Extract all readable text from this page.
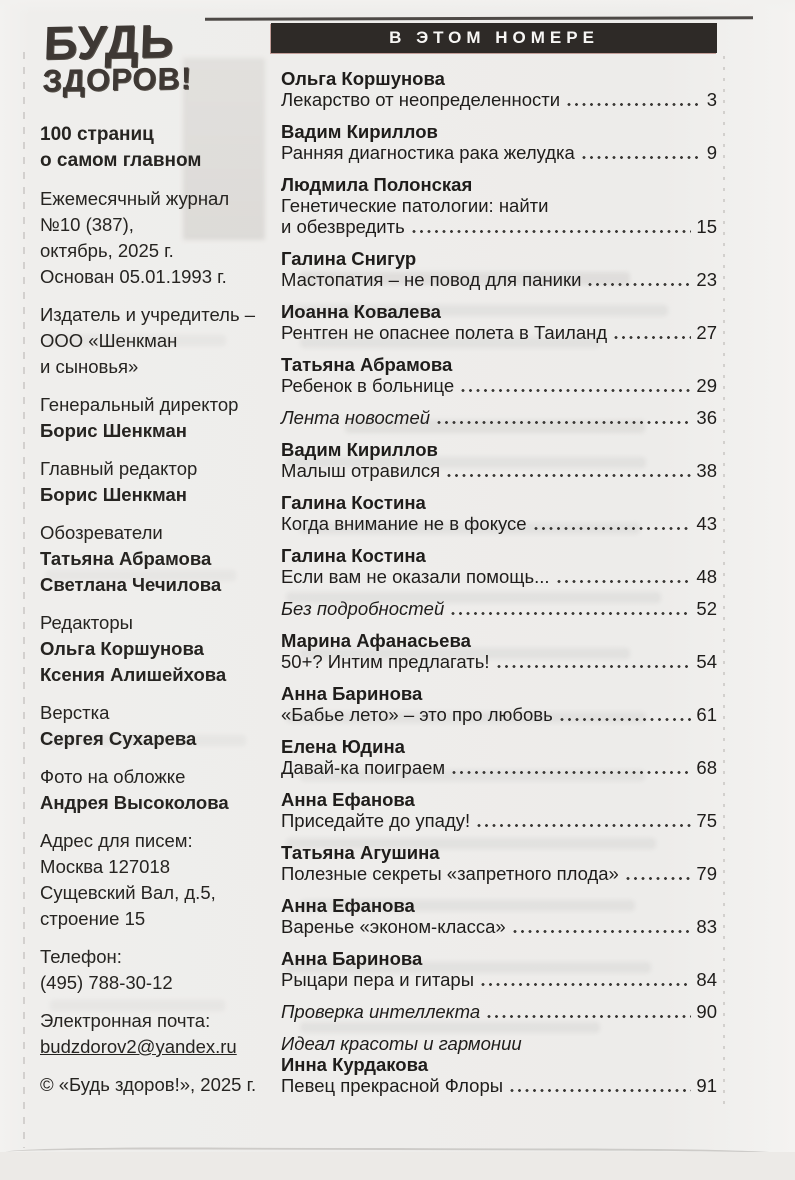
В ЭТОМ НОМЕРЕ
БУДЬ
ЗДОРОВ!
100 страниц
о самом главном
Ежемесячный журнал
№10 (387),
октябрь, 2025 г.
Основан 05.01.1993 г.
Издатель и учредитель –
ООО «Шенкман
и сыновья»
Генеральный директор
Борис Шенкман
Главный редактор
Борис Шенкман
Обозреватели
Татьяна Абрамова
Светлана Чечилова
Редакторы
Ольга Коршунова
Ксения Алишейхова
Верстка
Сергея Сухарева
Фото на обложке
Андрея Высоколова
Адрес для писем:
Москва 127018
Сущевский Вал, д.5,
строение 15
Телефон:
(495) 788-30-12
Электронная почта:
budzdorov2@yandex.ru
© «Будь здоров!», 2025 г.
Ольга Коршунова
Лекарство от неопределенности	3
Вадим Кириллов
Ранняя диагностика рака желудка	9
Людмила Полонская
Генетические патологии: найти
и обезвредить	15
Галина Снигур
Мастопатия – не повод для паники	23
Иоанна Ковалева
Рентген не опаснее полета в Таиланд	27
Татьяна Абрамова
Ребенок в больнице	29
Лента новостей	36
Вадим Кириллов
Малыш отравился	38
Галина Костина
Когда внимание не в фокусе	43
Галина Костина
Если вам не оказали помощь...	48
Без подробностей	52
Марина Афанасьева
50+? Интим предлагать!	54
Анна Баринова
«Бабье лето» – это про любовь	61
Елена Юдина
Давай-ка поиграем	68
Анна Ефанова
Приседайте до упаду!	75
Татьяна Агушина
Полезные секреты «запретного плода»	79
Анна Ефанова
Варенье «эконом-класса»	83
Анна Баринова
Рыцари пера и гитары	84
Проверка интеллекта	90
Идеал красоты и гармонии
Инна Курдакова
Певец прекрасной Флоры	91
